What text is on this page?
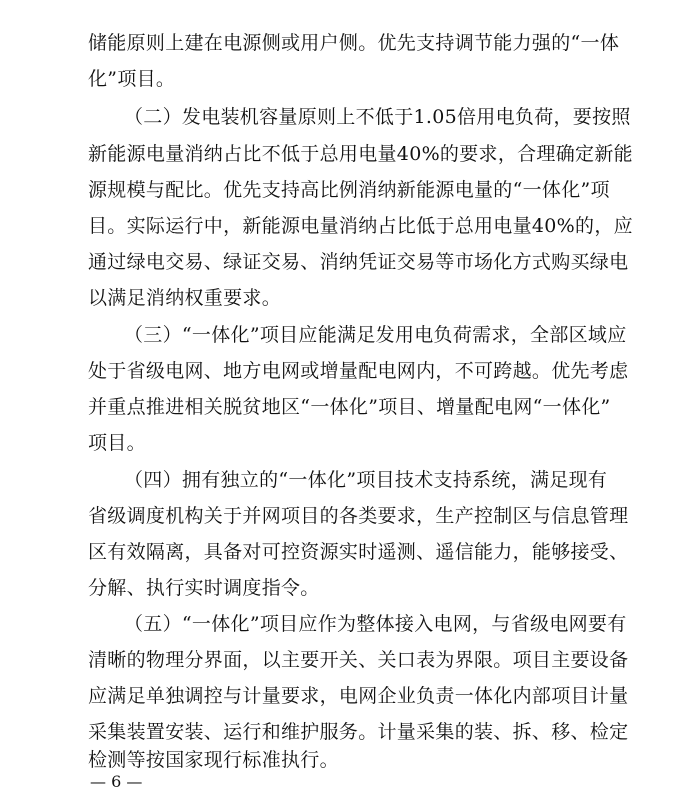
储能原则上建在电源侧或用户侧。优先支持调节能力强的“一体
化”项目。
（二）发电装机容量原则上不低于1.05倍用电负荷，要按照
新能源电量消纳占比不低于总用电量40%的要求，合理确定新能
源规模与配比。优先支持高比例消纳新能源电量的“一体化”项
目。实际运行中，新能源电量消纳占比低于总用电量40%的，应
通过绿电交易、绿证交易、消纳凭证交易等市场化方式购买绿电
以满足消纳权重要求。
（三）“一体化”项目应能满足发用电负荷需求，全部区域应
处于省级电网、地方电网或增量配电网内，不可跨越。优先考虑
并重点推进相关脱贫地区“一体化”项目、增量配电网“一体化”
项目。
（四）拥有独立的“一体化”项目技术支持系统，满足现有
省级调度机构关于并网项目的各类要求，生产控制区与信息管理
区有效隔离，具备对可控资源实时遥测、遥信能力，能够接受、
分解、执行实时调度指令。
（五）“一体化”项目应作为整体接入电网，与省级电网要有
清晰的物理分界面，以主要开关、关口表为界限。项目主要设备
应满足单独调控与计量要求，电网企业负责一体化内部项目计量
采集装置安装、运行和维护服务。计量采集的装、拆、移、检定
检测等按国家现行标准执行。
— 6 —
